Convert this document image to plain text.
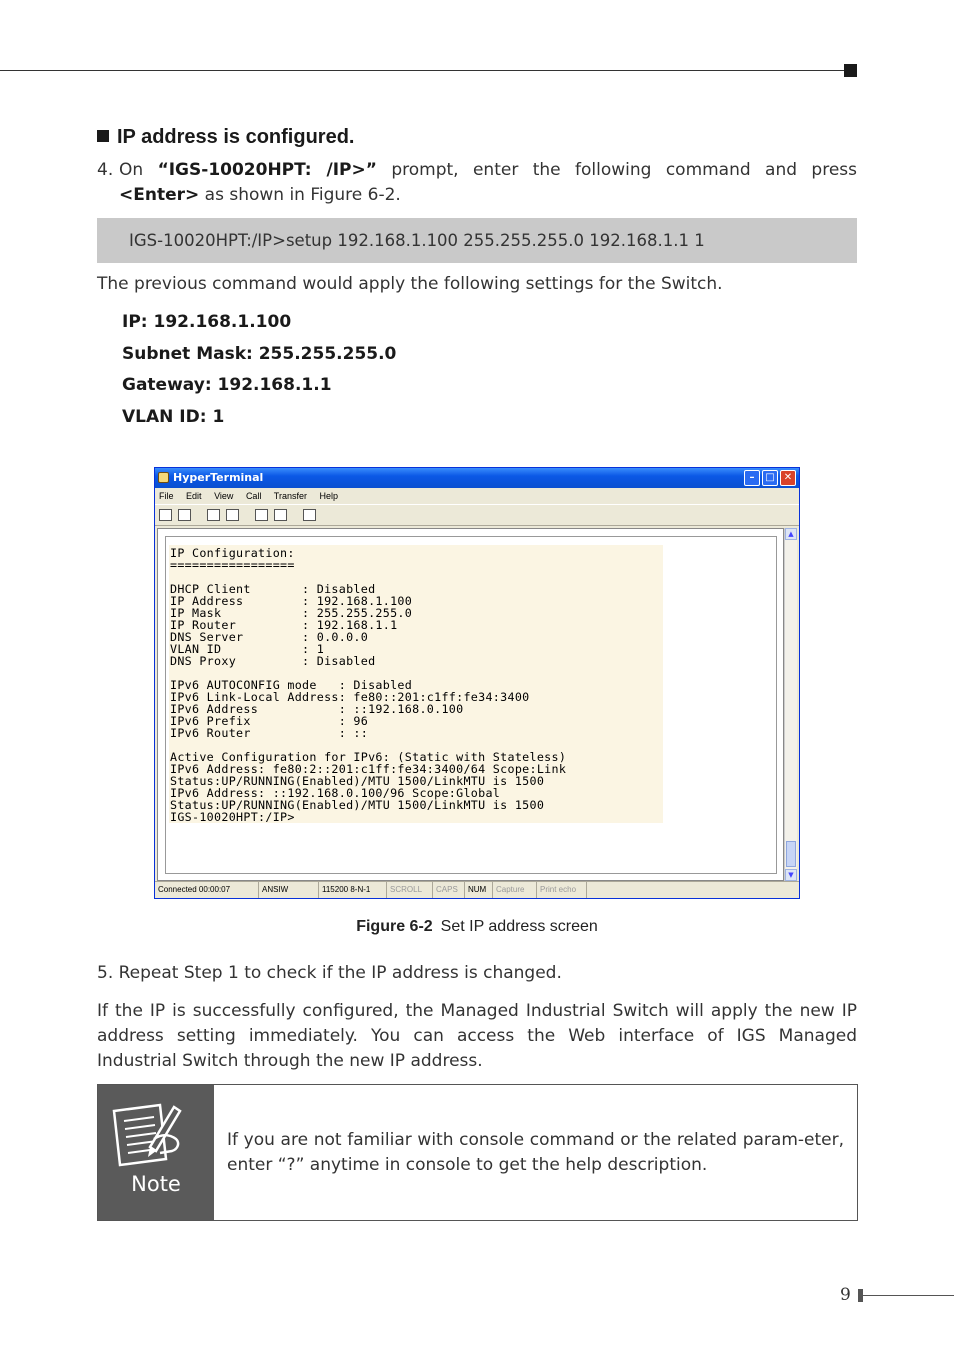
IP address is configured.
4. On “IGS-10020HPT: /IP>” prompt, enter the following command and press <Enter> as shown in Figure 6-2.
IGS-10020HPT:/IP>setup 192.168.1.100 255.255.255.0 192.168.1.1 1
The previous command would apply the following settings for the Switch.
IP: 192.168.1.100
Subnet Mask: 255.255.255.0
Gateway: 192.168.1.1
VLAN ID: 1
HyperTerminal	–	□ ✕
File Edit View Call Transfer Help
IP Configuration:
=================

DHCP Client       : Disabled
IP Address        : 192.168.1.100
IP Mask           : 255.255.255.0
IP Router         : 192.168.1.1
DNS Server        : 0.0.0.0
VLAN ID           : 1
DNS Proxy         : Disabled

IPv6 AUTOCONFIG mode   : Disabled
IPv6 Link-Local Address: fe80::201:c1ff:fe34:3400
IPv6 Address           : ::192.168.0.100
IPv6 Prefix            : 96
IPv6 Router            : ::

Active Configuration for IPv6: (Static with Stateless)
IPv6 Address: fe80:2::201:c1ff:fe34:3400/64 Scope:Link
Status:UP/RUNNING(Enabled)/MTU 1500/LinkMTU is 1500
IPv6 Address: ::192.168.0.100/96 Scope:Global
Status:UP/RUNNING(Enabled)/MTU 1500/LinkMTU is 1500
IGS-10020HPT:/IP>
▲
▼
Connected 00:00:07	ANSIW	115200 8-N-1	SCROLL	CAPS	NUM	Capture	Print echo
Figure 6-2 Set IP address screen
5. Repeat Step 1 to check if the IP address is changed.
If the IP is successfully configured, the Managed Industrial Switch will apply the new IP address setting immediately. You can access the Web interface of IGS Managed Industrial Switch through the new IP address.
Note
If you are not familiar with console command or the related param-eter, enter “?” anytime in console to get the help description.
9
